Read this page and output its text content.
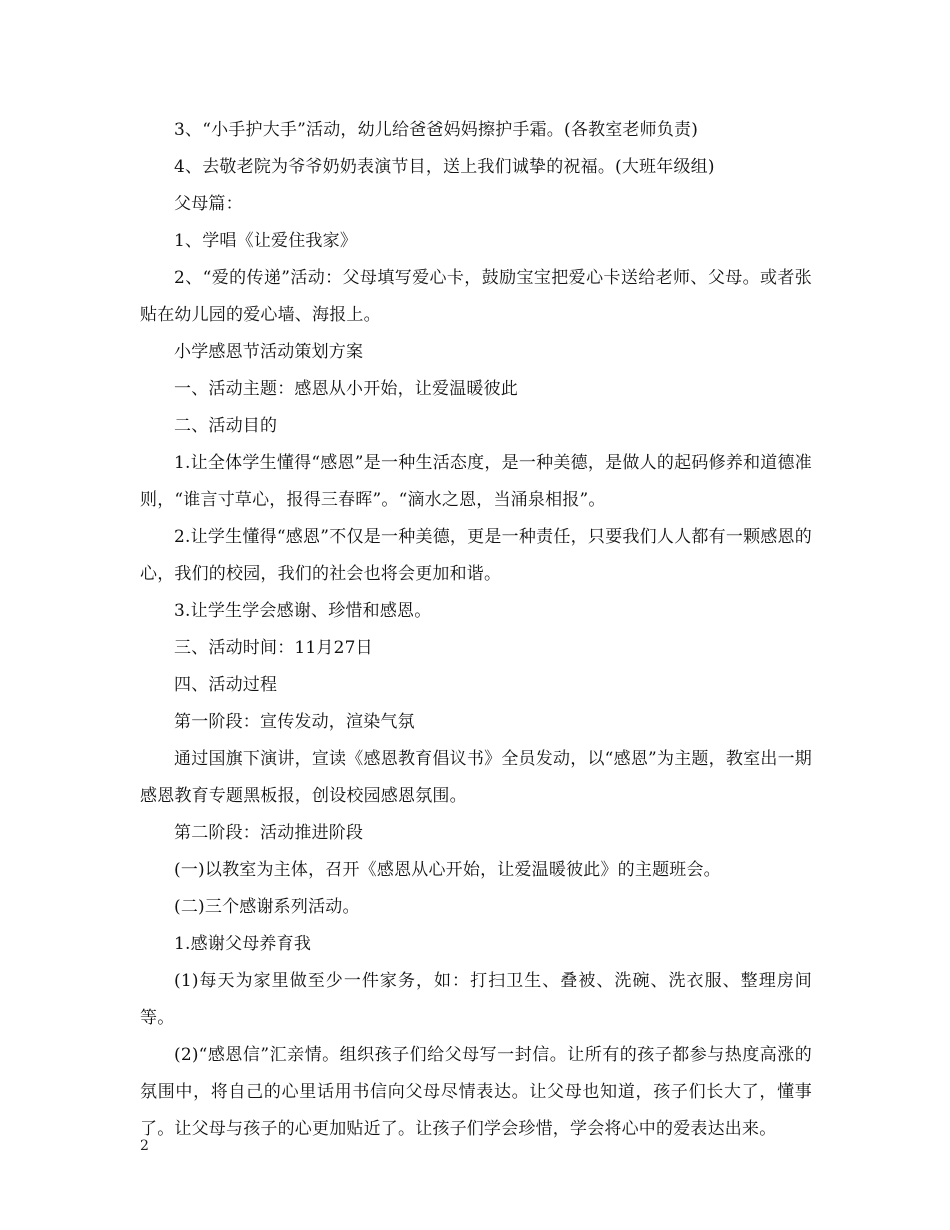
3、“小手护大手”活动，幼儿给爸爸妈妈擦护手霜。(各教室老师负责)

4、去敬老院为爷爷奶奶表演节目，送上我们诚挚的祝福。(大班年级组)

父母篇：

1、学唱《让爱住我家》

2、“爱的传递”活动：父母填写爱心卡，鼓励宝宝把爱心卡送给老师、父母。或者张贴在幼儿园的爱心墙、海报上。

小学感恩节活动策划方案

一、活动主题：感恩从小开始，让爱温暖彼此

二、活动目的

1.让全体学生懂得“感恩”是一种生活态度，是一种美德，是做人的起码修养和道德准则，“谁言寸草心，报得三春晖”。“滴水之恩，当涌泉相报”。

2.让学生懂得“感恩”不仅是一种美德，更是一种责任，只要我们人人都有一颗感恩的心，我们的校园，我们的社会也将会更加和谐。

3.让学生学会感谢、珍惜和感恩。

三、活动时间：11月27日

四、活动过程

第一阶段：宣传发动，渲染气氛

通过国旗下演讲，宣读《感恩教育倡议书》全员发动，以“感恩”为主题，教室出一期感恩教育专题黑板报，创设校园感恩氛围。

第二阶段：活动推进阶段

(一)以教室为主体，召开《感恩从心开始，让爱温暖彼此》的主题班会。

(二)三个感谢系列活动。

1.感谢父母养育我

(1)每天为家里做至少一件家务，如：打扫卫生、叠被、洗碗、洗衣服、整理房间等。

(2)“感恩信”汇亲情。组织孩子们给父母写一封信。让所有的孩子都参与热度高涨的氛围中，将自己的心里话用书信向父母尽情表达。让父母也知道，孩子们长大了，懂事了。让父母与孩子的心更加贴近了。让孩子们学会珍惜，学会将心中的爱表达出来。

2
